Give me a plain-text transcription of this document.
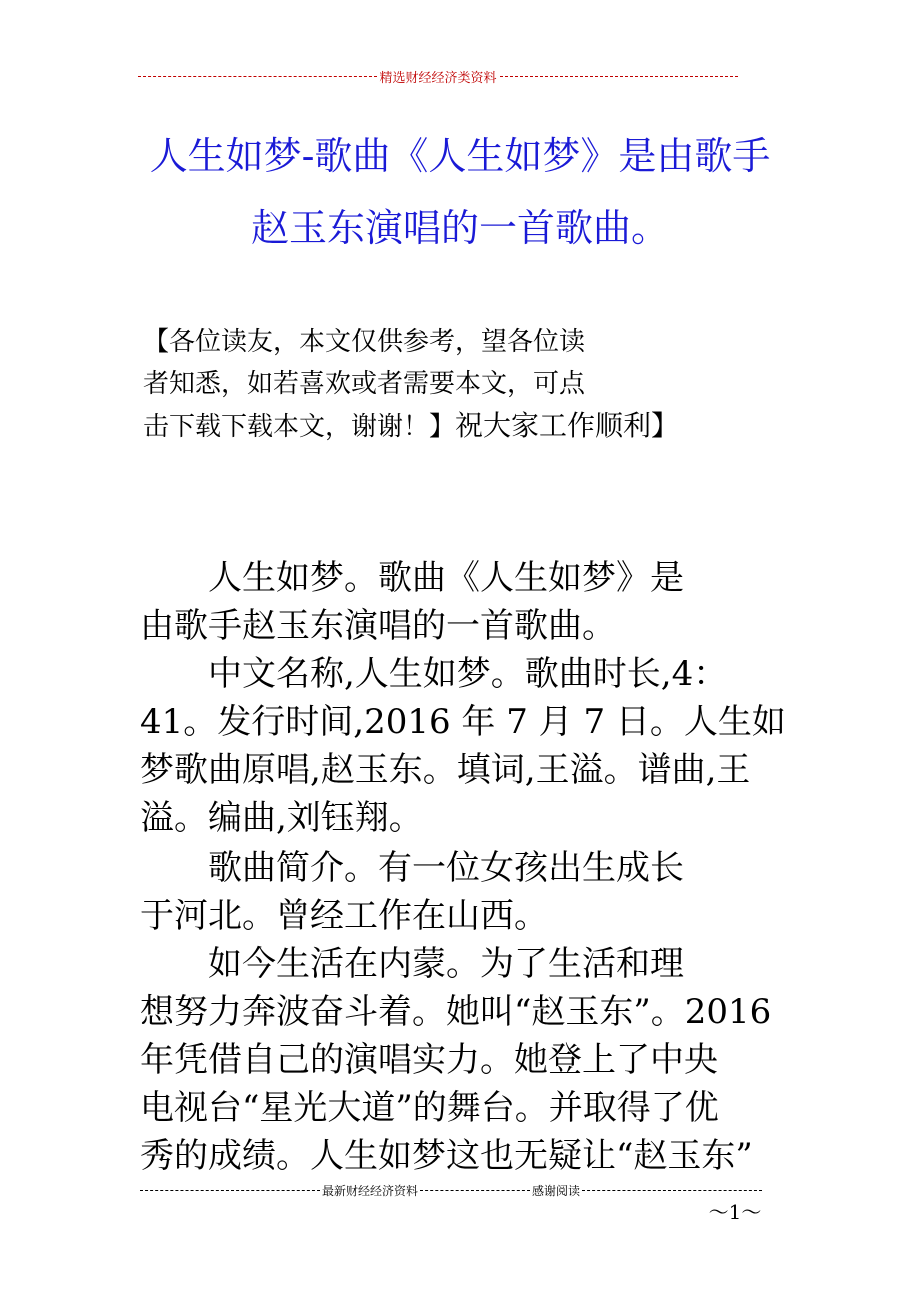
精选财经经济类资料
人生如梦-歌曲《人生如梦》是由歌手
赵玉东演唱的一首歌曲。
【各位读友，本文仅供参考，望各位读
者知悉，如若喜欢或者需要本文，可点
击下载下载本文，谢谢！】祝大家工作顺利】
　　人生如梦。歌曲《人生如梦》是
由歌手赵玉东演唱的一首歌曲。
　　中文名称,人生如梦。歌曲时长,4：
41。发行时间,2016 年 7 月 7 日。人生如
梦歌曲原唱,赵玉东。填词,王溢。谱曲,王
溢。编曲,刘钰翔。
　　歌曲简介。有一位女孩出生成长
于河北。曾经工作在山西。
　　如今生活在内蒙。为了生活和理
想努力奔波奋斗着。她叫“赵玉东”。2016
年凭借自己的演唱实力。她登上了中央
电视台“星光大道”的舞台。并取得了优
秀的成绩。人生如梦这也无疑让“赵玉东”
最新财经经济资料	感谢阅读
～1～
